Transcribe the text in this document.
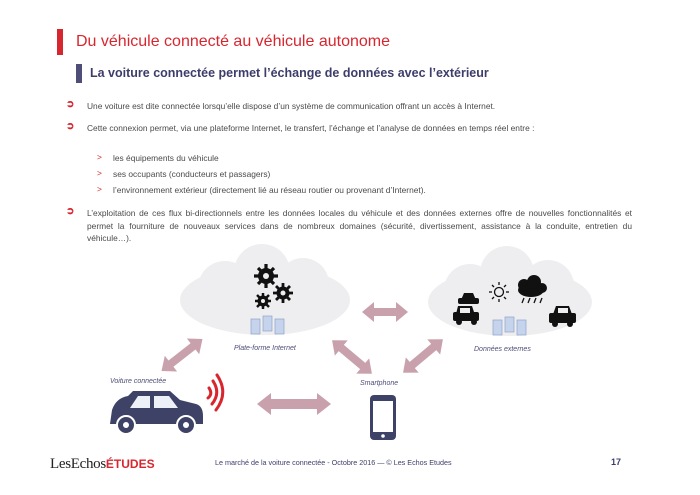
Du véhicule connecté au véhicule autonome
La voiture connectée permet l’échange de données avec l’extérieur
➲ Une voiture est dite connectée lorsqu’elle dispose d’un système de communication offrant un accès à Internet.
➲ Cette connexion permet, via une plateforme Internet, le transfert, l’échange et l’analyse de données en temps réel entre :
> les équipements du véhicule
> ses occupants (conducteurs et passagers)
> l’environnement extérieur (directement lié au réseau routier ou provenant d’Internet).
➲ L’exploitation de ces flux bi-directionnels entre les données locales du véhicule et des données externes offre de nouvelles fonctionnalités et permet la fourniture de nouveaux services dans de nombreux domaines (sécurité, divertissement, assistance à la conduite, entretien du véhicule…).
Plate-forme Internet	Données externes
Voiture connectée	Smartphone
LesEchosÉTUDES	Le marché de la voiture connectée - Octobre 2016 — © Les Echos Etudes	17
